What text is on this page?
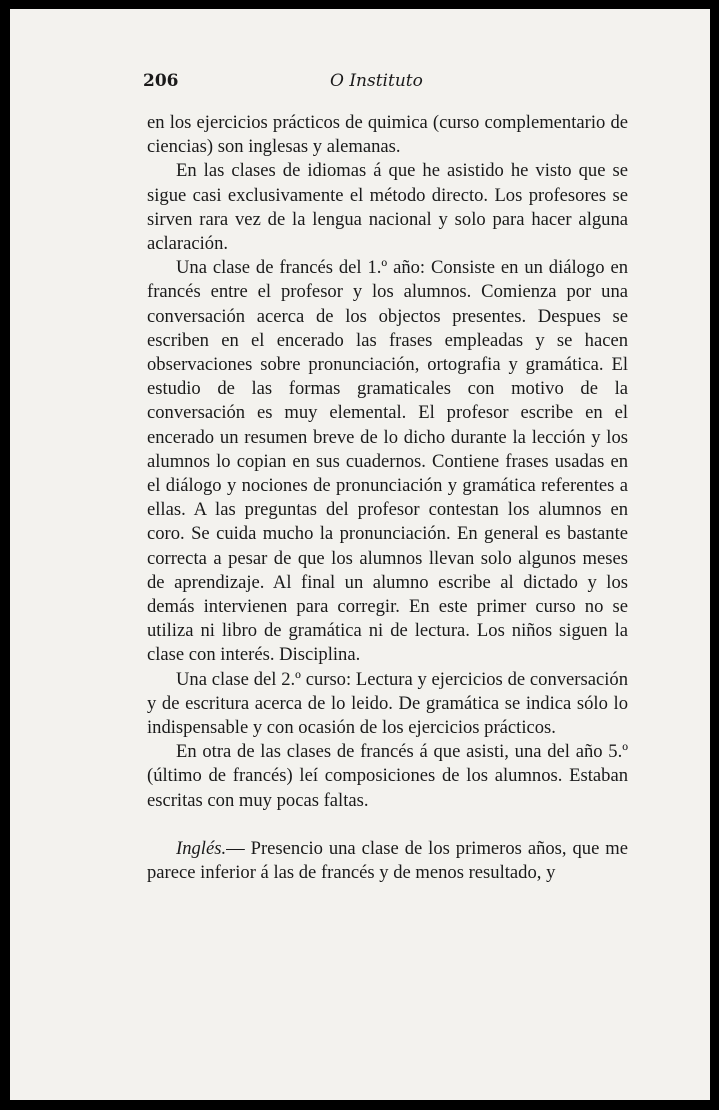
206	O Instituto

en los ejercicios prácticos de quimica (curso complementario de ciencias) son inglesas y alemanas.

En las clases de idiomas á que he asistido he visto que se sigue casi exclusivamente el método directo. Los profesores se sirven rara vez de la lengua nacional y solo para hacer alguna aclaración.

Una clase de francés del 1.º año: Consiste en un diálogo en francés entre el profesor y los alumnos. Comienza por una conversación acerca de los objectos presentes. Despues se escriben en el encerado las frases empleadas y se hacen observaciones sobre pronunciación, ortografia y gramática. El estudio de las formas gramaticales con motivo de la conversación es muy elemental. El profesor escribe en el encerado un resumen breve de lo dicho durante la lección y los alumnos lo copian en sus cuadernos. Contiene frases usadas en el diálogo y nociones de pronunciación y gramática referentes a ellas. A las preguntas del profesor contestan los alumnos en coro. Se cuida mucho la pronunciación. En general es bastante correcta a pesar de que los alumnos llevan solo algunos meses de aprendizaje. Al final un alumno escribe al dictado y los demás intervienen para corregir. En este primer curso no se utiliza ni libro de gramática ni de lectura. Los niños siguen la clase con interés. Disciplina.

Una clase del 2.º curso: Lectura y ejercicios de conversación y de escritura acerca de lo leido. De gramática se indica sólo lo indispensable y con ocasión de los ejercicios prácticos.

En otra de las clases de francés á que asisti, una del año 5.º (último de francés) leí composiciones de los alumnos. Estaban escritas con muy pocas faltas.

Inglés.— Presencio una clase de los primeros años, que me parece inferior á las de francés y de menos resultado, y
